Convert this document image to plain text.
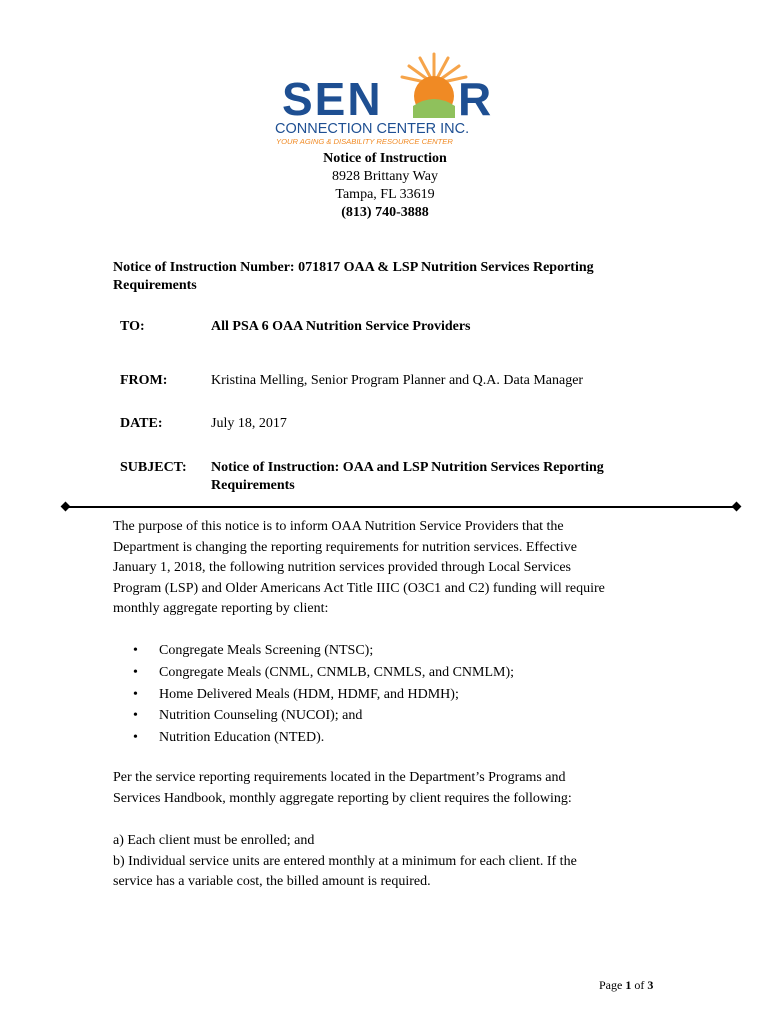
SEN R
CONNECTION CENTER INC.
YOUR AGING & DISABILITY RESOURCE CENTER
Notice of Instruction
8928 Brittany Way
Tampa, FL 33619
(813) 740-3888
Notice of Instruction Number: 071817 OAA & LSP Nutrition Services Reporting
Requirements
TO:	All PSA 6 OAA Nutrition Service Providers
FROM:	Kristina Melling, Senior Program Planner and Q.A. Data Manager
DATE:	July 18, 2017
SUBJECT: Notice of Instruction: OAA and LSP Nutrition Services Reporting
Requirements
The purpose of this notice is to inform OAA Nutrition Service Providers that the
Department is changing the reporting requirements for nutrition services. Effective
January 1, 2018, the following nutrition services provided through Local Services
Program (LSP) and Older Americans Act Title IIIC (O3C1 and C2) funding will require
monthly aggregate reporting by client:
• Congregate Meals Screening (NTSC);
• Congregate Meals (CNML, CNMLB, CNMLS, and CNMLM);
• Home Delivered Meals (HDM, HDMF, and HDMH);
• Nutrition Counseling (NUCOI); and
• Nutrition Education (NTED).
Per the service reporting requirements located in the Department’s Programs and
Services Handbook, monthly aggregate reporting by client requires the following:
a) Each client must be enrolled; and
b) Individual service units are entered monthly at a minimum for each client. If the
service has a variable cost, the billed amount is required.
Page 1 of 3
